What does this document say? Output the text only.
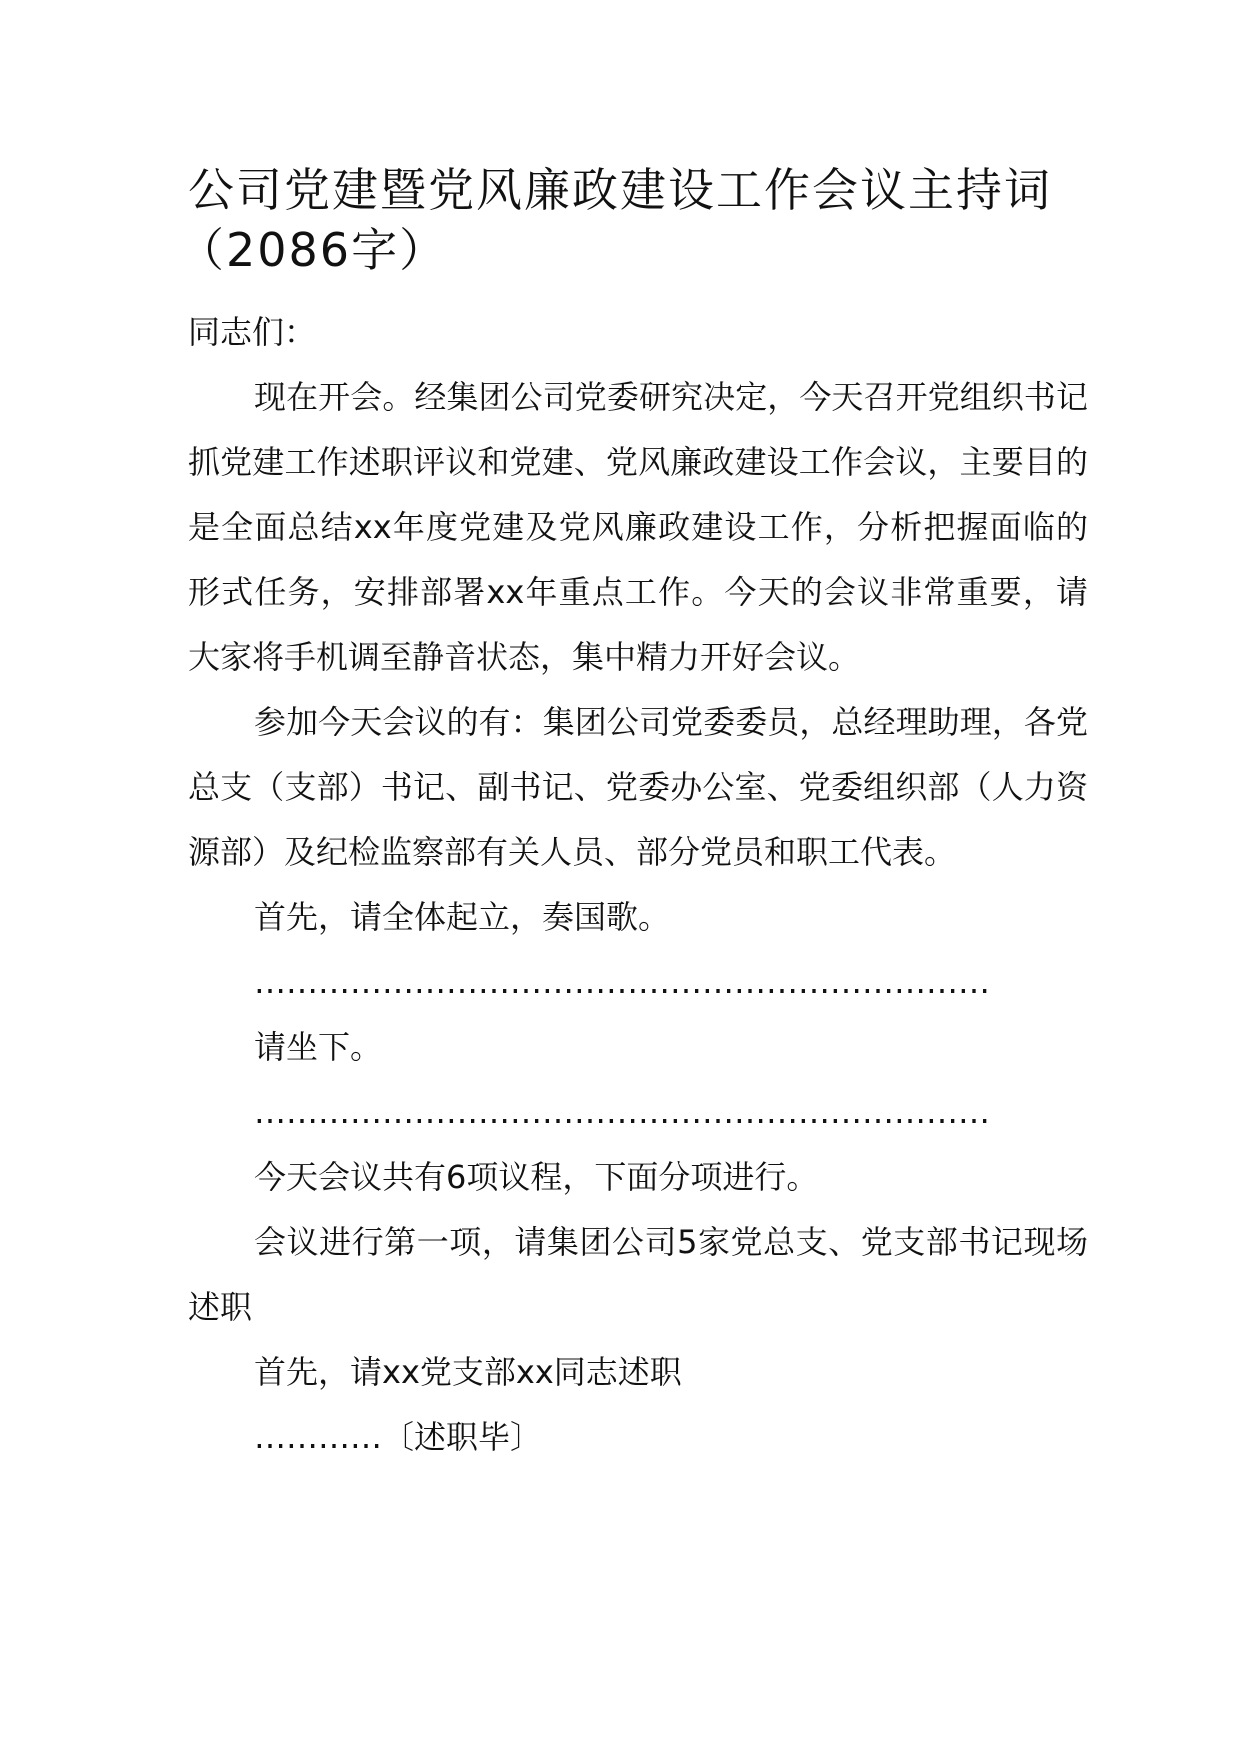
公司党建暨党风廉政建设工作会议主持词
（2086字）

同志们：

现在开会。经集团公司党委研究决定，今天召开党组织书记抓党建工作述职评议和党建、党风廉政建设工作会议，主要目的是全面总结xx年度党建及党风廉政建设工作，分析把握面临的形式任务，安排部署xx年重点工作。今天的会议非常重要，请大家将手机调至静音状态，集中精力开好会议。

参加今天会议的有：集团公司党委委员，总经理助理，各党总支（支部）书记、副书记、党委办公室、党委组织部（人力资源部）及纪检监察部有关人员、部分党员和职工代表。

首先，请全体起立，奏国歌。

……………………………………………………………

请坐下。

……………………………………………………………

今天会议共有6项议程，下面分项进行。

会议进行第一项，请集团公司5家党总支、党支部书记现场述职

首先，请xx党支部xx同志述职

…………〔述职毕〕
